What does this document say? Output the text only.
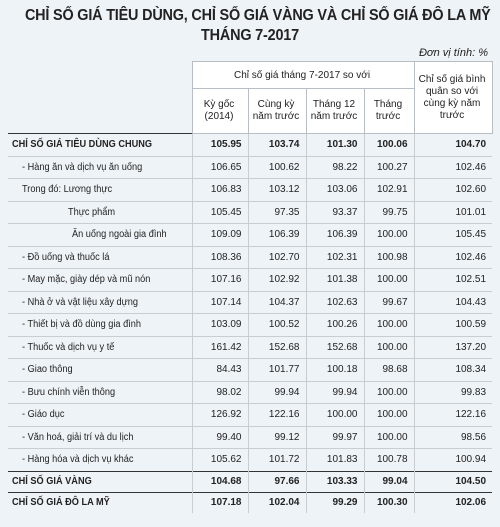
CHỈ SỐ GIÁ TIÊU DÙNG, CHỈ SỐ GIÁ VÀNG VÀ CHỈ SỐ GIÁ ĐÔ LA MỸ
THÁNG 7-2017
Đơn vị tính: %
	Chỉ số giá tháng 7-2017 so với				Chỉ số giá bình quân so với cùng kỳ năm trước
	Kỳ gốc (2014)	Cùng kỳ năm trước	Tháng 12 năm trước	Tháng trước	
CHỈ SỐ GIÁ TIÊU DÙNG CHUNG	105.95	103.74	101.30	100.06	104.70
- Hàng ăn và dịch vụ ăn uống	106.65	100.62	98.22	100.27	102.46
Trong đó: Lương thực	106.83	103.12	103.06	102.91	102.60
Thực phẩm	105.45	97.35	93.37	99.75	101.01
Ăn uống ngoài gia đình	109.09	106.39	106.39	100.00	105.45
- Đồ uống và thuốc lá	108.36	102.70	102.31	100.98	102.46
- May mặc, giày dép và mũ nón	107.16	102.92	101.38	100.00	102.51
- Nhà ở và vật liệu xây dựng	107.14	104.37	102.63	99.67	104.43
- Thiết bị và đồ dùng gia đình	103.09	100.52	100.26	100.00	100.59
- Thuốc và dịch vụ y tế	161.42	152.68	152.68	100.00	137.20
- Giao thông	84.43	101.77	100.18	98.68	108.34
- Bưu chính viễn thông	98.02	99.94	99.94	100.00	99.83
- Giáo dục	126.92	122.16	100.00	100.00	122.16
- Văn hoá, giải trí và du lịch	99.40	99.12	99.97	100.00	98.56
- Hàng hóa và dịch vụ khác	105.62	101.72	101.83	100.78	100.94
CHỈ SỐ GIÁ VÀNG	104.68	97.66	103.33	99.04	104.50
CHỈ SỐ GIÁ ĐÔ LA MỸ	107.18	102.04	99.29	100.30	102.06
